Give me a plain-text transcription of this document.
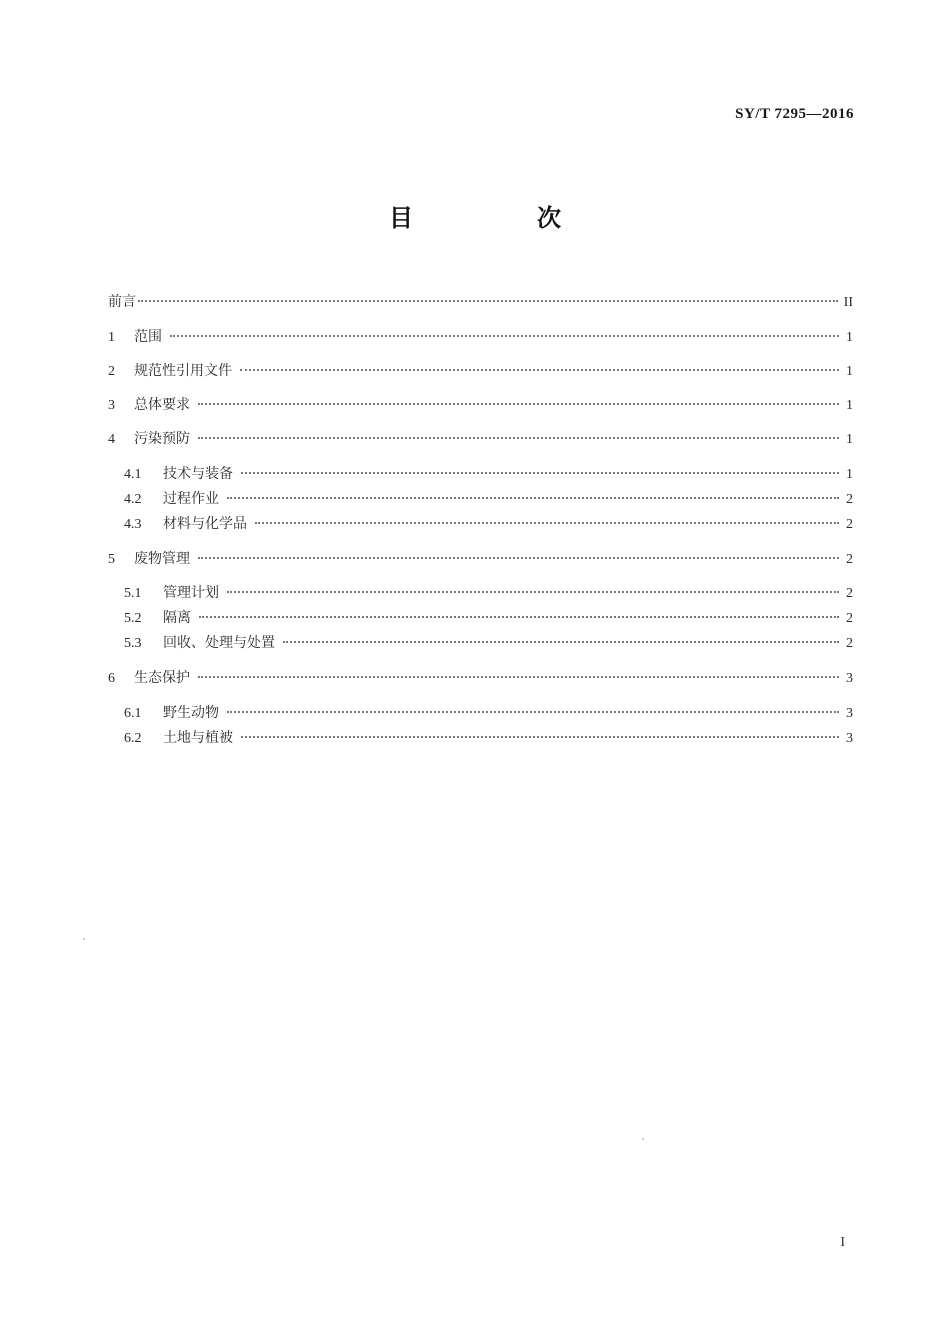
SY/T 7295—2016
目　次
前言	II
1	范围	1
2	规范性引用文件	1
3	总体要求	1
4	污染预防	1
4.1	技术与装备	1
4.2	过程作业	2
4.3	材料与化学品	2
5	废物管理	2
5.1	管理计划	2
5.2	隔离	2
5.3	回收、处理与处置	2
6	生态保护	3
6.1	野生动物	3
6.2	土地与植被	3
I
